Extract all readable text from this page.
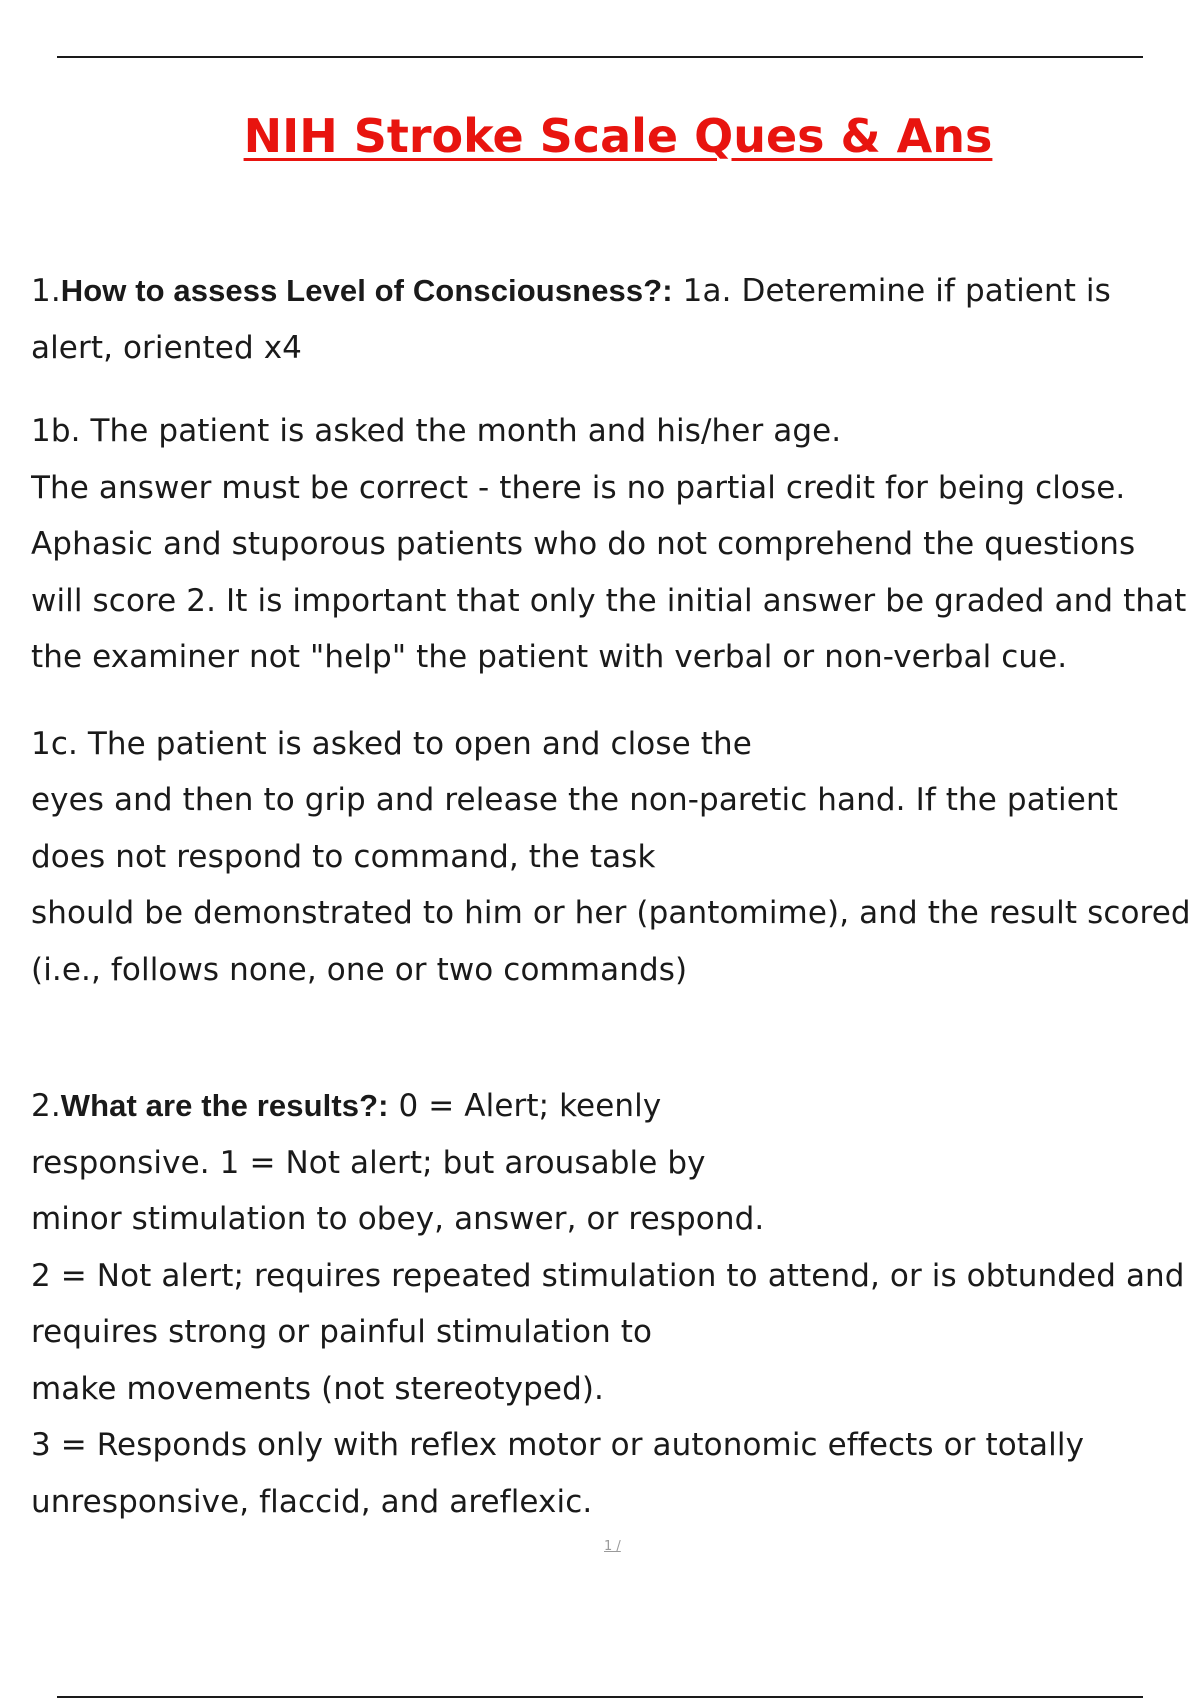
NIH Stroke Scale Ques & Ans

1.How to assess Level of Consciousness?: 1a. Deteremine if patient is
alert, oriented x4

1b. The patient is asked the month and his/her age.
The answer must be correct - there is no partial credit for being close.
Aphasic and stuporous patients who do not comprehend the questions
will score 2. It is important that only the initial answer be graded and that
the examiner not "help" the patient with verbal or non-verbal cue.

1c. The patient is asked to open and close the
eyes and then to grip and release the non-paretic hand. If the patient
does not respond to command, the task
should be demonstrated to him or her (pantomime), and the result scored
(i.e., follows none, one or two commands)

2.What are the results?: 0 = Alert; keenly
responsive. 1 = Not alert; but arousable by
minor stimulation to obey, answer, or respond.
2 = Not alert; requires repeated stimulation to attend, or is obtunded and
requires strong or painful stimulation to
make movements (not stereotyped).
3 = Responds only with reflex motor or autonomic effects or totally
unresponsive, flaccid, and areflexic.

1 /
